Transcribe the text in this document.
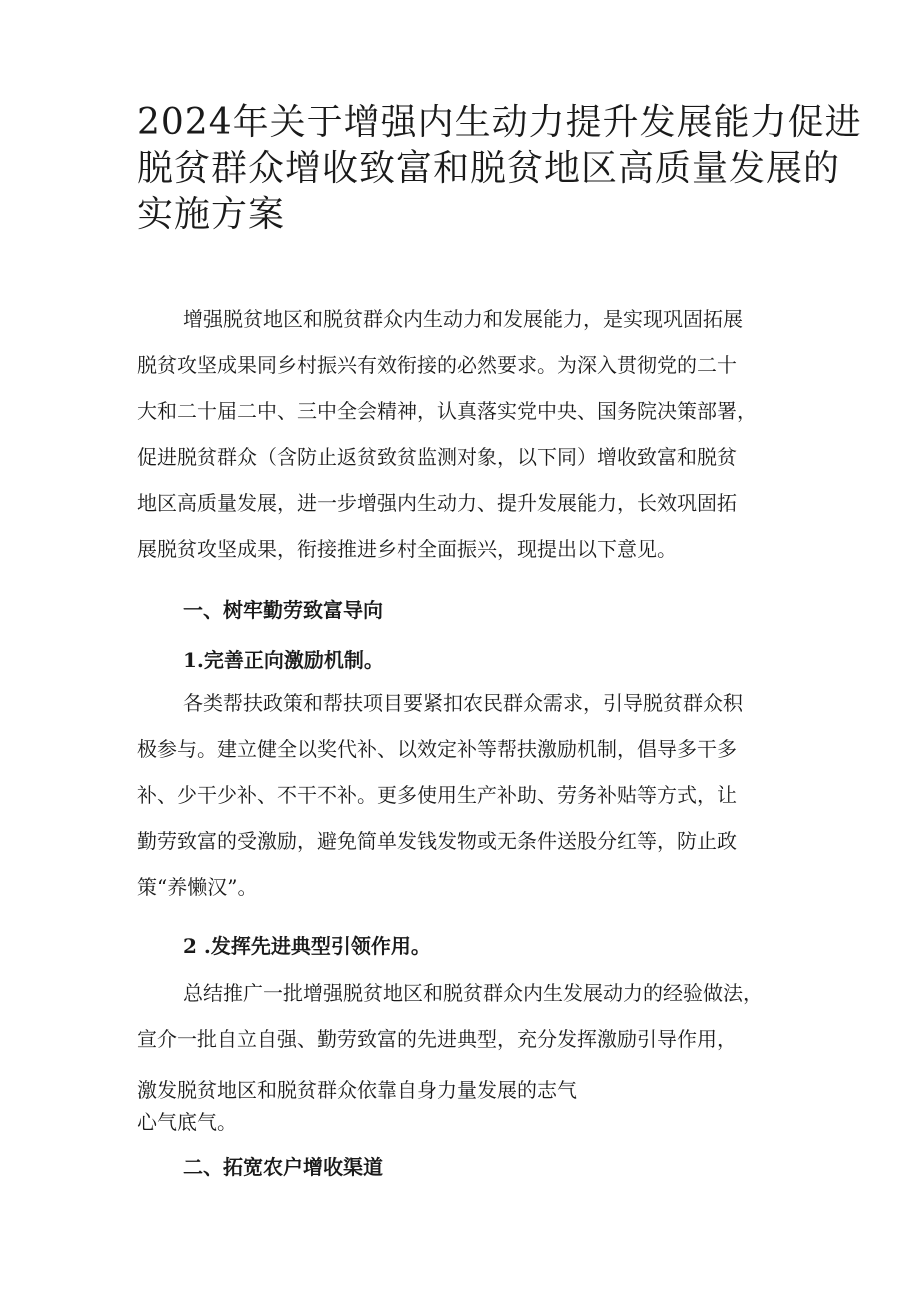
2024年关于增强内生动力提升发展能力促进
脱贫群众增收致富和脱贫地区高质量发展的
实施方案
增强脱贫地区和脱贫群众内生动力和发展能力，是实现巩固拓展
脱贫攻坚成果同乡村振兴有效衔接的必然要求。为深入贯彻党的二十
大和二十届二中、三中全会精神，认真落实党中央、国务院决策部署，
促进脱贫群众（含防止返贫致贫监测对象，以下同）增收致富和脱贫
地区高质量发展，进一步增强内生动力、提升发展能力，长效巩固拓
展脱贫攻坚成果，衔接推进乡村全面振兴，现提出以下意见。
一、树牢勤劳致富导向
1.完善正向激励机制。
各类帮扶政策和帮扶项目要紧扣农民群众需求，引导脱贫群众积
极参与。建立健全以奖代补、以效定补等帮扶激励机制，倡导多干多
补、少干少补、不干不补。更多使用生产补助、劳务补贴等方式，让
勤劳致富的受激励，避免简单发钱发物或无条件送股分红等，防止政
策“养懒汉”。
2 .发挥先进典型引领作用。
总结推广一批增强脱贫地区和脱贫群众内生发展动力的经验做法，
宣介一批自立自强、勤劳致富的先进典型，充分发挥激励引导作用，
激发脱贫地区和脱贫群众依靠自身力量发展的志气
心气底气。
二、拓宽农户增收渠道
